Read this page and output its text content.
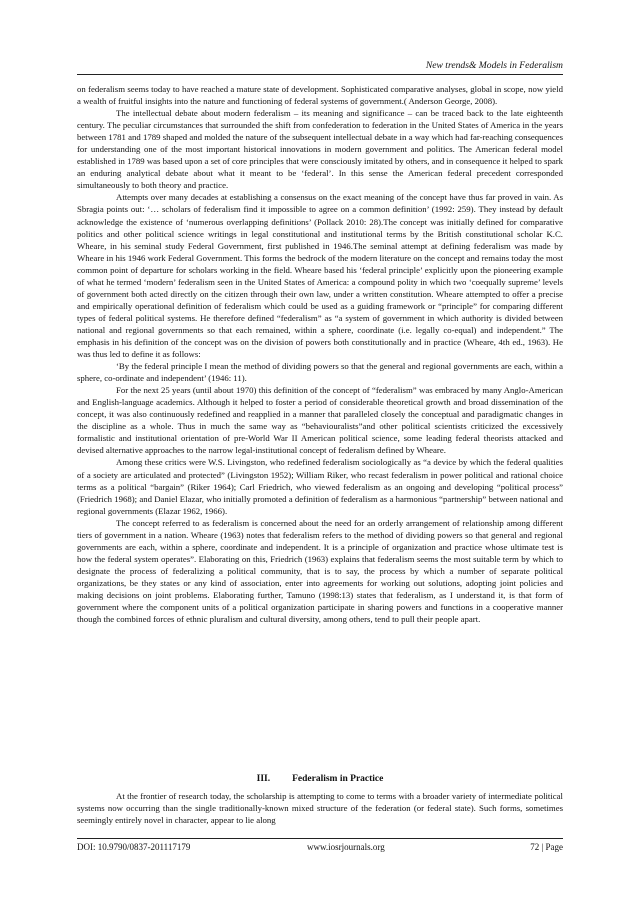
New trends& Models in Federalism

on federalism seems today to have reached a mature state of development. Sophisticated comparative analyses, global in scope, now yield a wealth of fruitful insights into the nature and functioning of federal systems of government.( Anderson George, 2008).

The intellectual debate about modern federalism – its meaning and significance – can be traced back to the late eighteenth century. The peculiar circumstances that surrounded the shift from confederation to federation in the United States of America in the years between 1781 and 1789 shaped and molded the nature of the subsequent intellectual debate in a way which had far-reaching consequences for understanding one of the most important historical innovations in modern government and politics. The American federal model established in 1789 was based upon a set of core principles that were consciously imitated by others, and in consequence it helped to spark an enduring analytical debate about what it meant to be ‘federal’. In this sense the American federal precedent corresponded simultaneously to both theory and practice.

Attempts over many decades at establishing a consensus on the exact meaning of the concept have thus far proved in vain. As Sbragia points out: ‘… scholars of federalism find it impossible to agree on a common definition’ (1992: 259). They instead by default acknowledge the existence of ‘numerous overlapping definitions’ (Pollack 2010: 28).The concept was initially defined for comparative politics and other political science writings in legal constitutional and institutional terms by the British constitutional scholar K.C. Wheare, in his seminal study Federal Government, first published in 1946.The seminal attempt at defining federalism was made by Wheare in his 1946 work Federal Government. This forms the bedrock of the modern literature on the concept and remains today the most common point of departure for scholars working in the field. Wheare based his ‘federal principle’ explicitly upon the pioneering example of what he termed ‘modern’ federalism seen in the United States of America: a compound polity in which two ‘coequally supreme’ levels of government both acted directly on the citizen through their own law, under a written constitution. Wheare attempted to offer a precise and empirically operational definition of federalism which could be used as a guiding framework or “principle” for comparing different types of federal political systems. He therefore defined “federalism” as “a system of government in which authority is divided between national and regional governments so that each remained, within a sphere, coordinate (i.e. legally co-equal) and independent.” The emphasis in his definition of the concept was on the division of powers both constitutionally and in practice (Wheare, 4th ed., 1963). He was thus led to define it as follows:

‘By the federal principle I mean the method of dividing powers so that the general and regional governments are each, within a sphere, co-ordinate and independent’ (1946: 11).

For the next 25 years (until about 1970) this definition of the concept of “federalism” was embraced by many Anglo-American and English-language academics. Although it helped to foster a period of considerable theoretical growth and broad dissemination of the concept, it was also continuously redefined and reapplied in a manner that paralleled closely the conceptual and paradigmatic changes in the discipline as a whole. Thus in much the same way as “behaviouralists”and other political scientists criticized the excessively formalistic and institutional orientation of pre-World War II American political science, some leading federal theorists attacked and devised alternative approaches to the narrow legal-institutional concept of federalism defined by Wheare.

Among these critics were W.S. Livingston, who redefined federalism sociologically as “a device by which the federal qualities of a society are articulated and protected” (Livingston 1952); William Riker, who recast federalism in power political and rational choice terms as a political “bargain” (Riker 1964); Carl Friedrich, who viewed federalism as an ongoing and developing “political process” (Friedrich 1968); and Daniel Elazar, who initially promoted a definition of federalism as a harmonious “partnership” between national and regional governments (Elazar 1962, 1966).

The concept referred to as federalism is concerned about the need for an orderly arrangement of relationship among different tiers of government in a nation. Wheare (1963) notes that federalism refers to the method of dividing powers so that general and regional governments are each, within a sphere, coordinate and independent. It is a principle of organization and practice whose ultimate test is how the federal system operates”. Elaborating on this, Friedrich (1963) explains that federalism seems the most suitable term by which to designate the process of federalizing a political community, that is to say, the process by which a number of separate political organizations, be they states or any kind of association, enter into agreements for working out solutions, adopting joint policies and making decisions on joint problems. Elaborating further, Tamuno (1998:13) states that federalism, as I understand it, is that form of government where the component units of a political organization participate in sharing powers and functions in a cooperative manner though the combined forces of ethnic pluralism and cultural diversity, among others, tend to pull their people apart.

III. Federalism in Practice

At the frontier of research today, the scholarship is attempting to come to terms with a broader variety of intermediate political systems now occurring than the single traditionally-known mixed structure of the federation (or federal state). Such forms, sometimes seemingly entirely novel in character, appear to lie along

DOI: 10.9790/0837-201117179	www.iosrjournals.org	72 | Page
